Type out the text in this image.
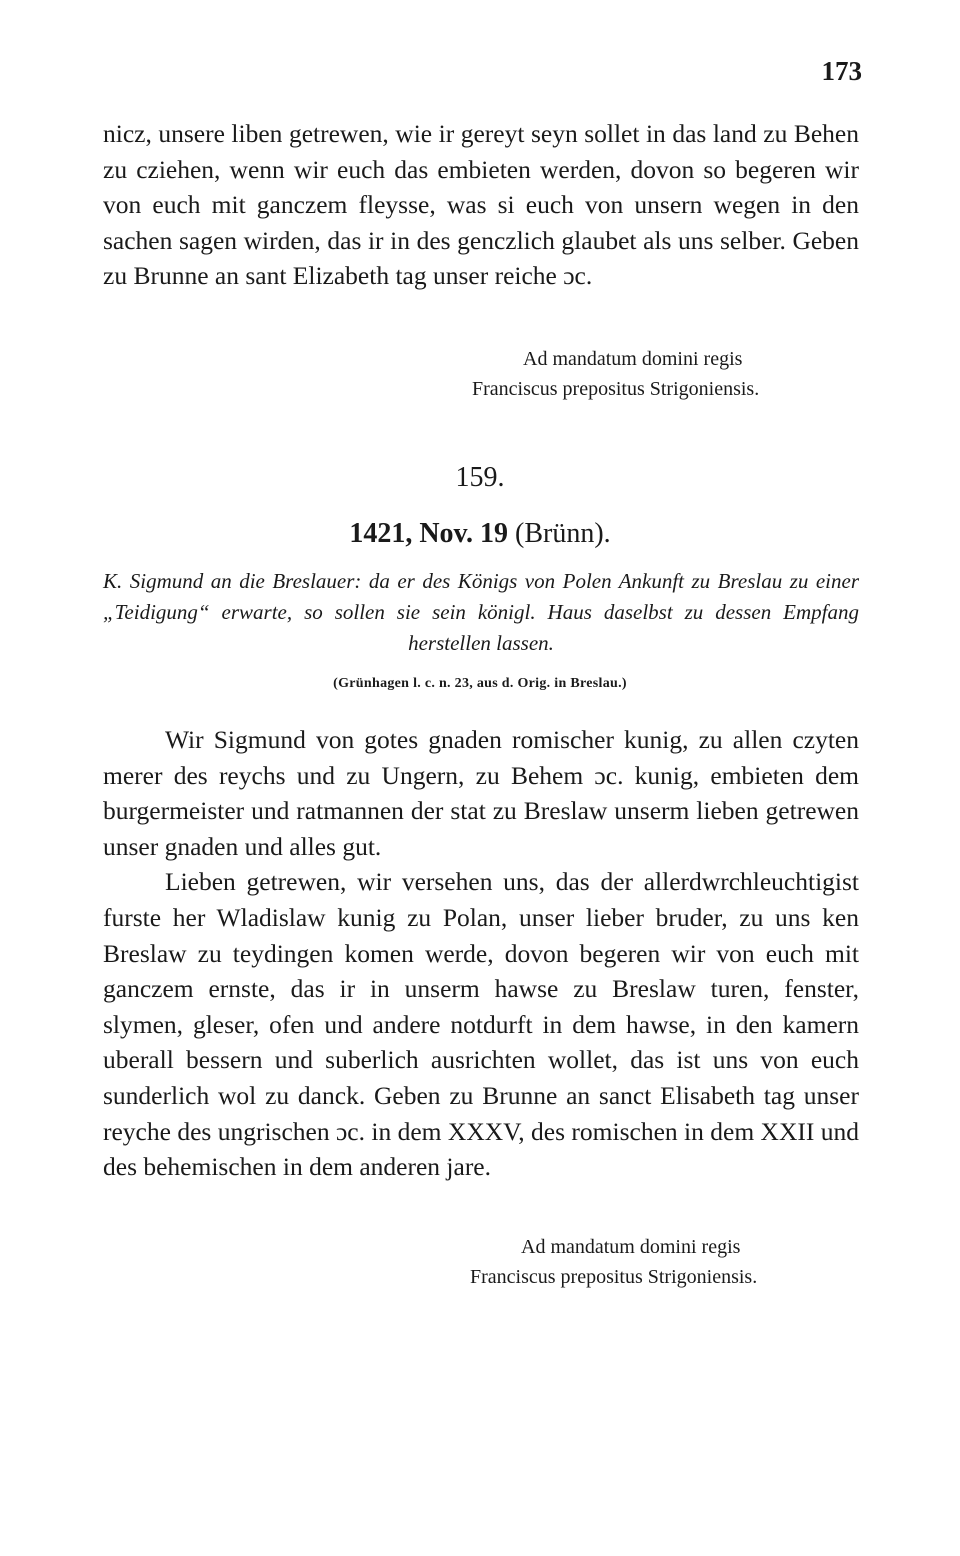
173
nicz, unsere liben getrewen, wie ir gereyt seyn sollet in das land zu Behen zu cziehen, wenn wir euch das embieten werden, dovon so begeren wir von euch mit ganczem fleysse, was si euch von unsern wegen in den sachen sagen wirden, das ir in des genczlich glaubet als uns selber. Geben zu Brunne an sant Elizabeth tag unser reiche ɔc.
Ad mandatum domini regis
Franciscus prepositus Strigoniensis.
159.
1421, Nov. 19 (Brünn).
K. Sigmund an die Breslauer: da er des Königs von Polen Ankunft zu Breslau zu einer „Teidigung“ erwarte, so sollen sie sein königl. Haus daselbst zu dessen Empfang herstellen lassen.
(Grünhagen l. c. n. 23, aus d. Orig. in Breslau.)

Wir Sigmund von gotes gnaden romischer kunig, zu allen czyten merer des reychs und zu Ungern, zu Behem ɔc. kunig, embieten dem burgermeister und ratmannen der stat zu Breslaw unserm lieben getrewen unser gnaden und alles gut.

Lieben getrewen, wir versehen uns, das der allerdwrchleuchtigist furste her Wladislaw kunig zu Polan, unser lieber bruder, zu uns ken Breslaw zu teydingen komen werde, dovon begeren wir von euch mit ganczem ernste, das ir in unserm hawse zu Breslaw turen, fenster, slymen, gleser, ofen und andere notdurft in dem hawse, in den kamern uberall bessern und suberlich ausrichten wollet, das ist uns von euch sunderlich wol zu danck. Geben zu Brunne an sanct Elisabeth tag unser reyche des ungrischen ɔc. in dem XXXV, des romischen in dem XXII und des behemischen in dem anderen jare.

Ad mandatum domini regis
Franciscus prepositus Strigoniensis.
